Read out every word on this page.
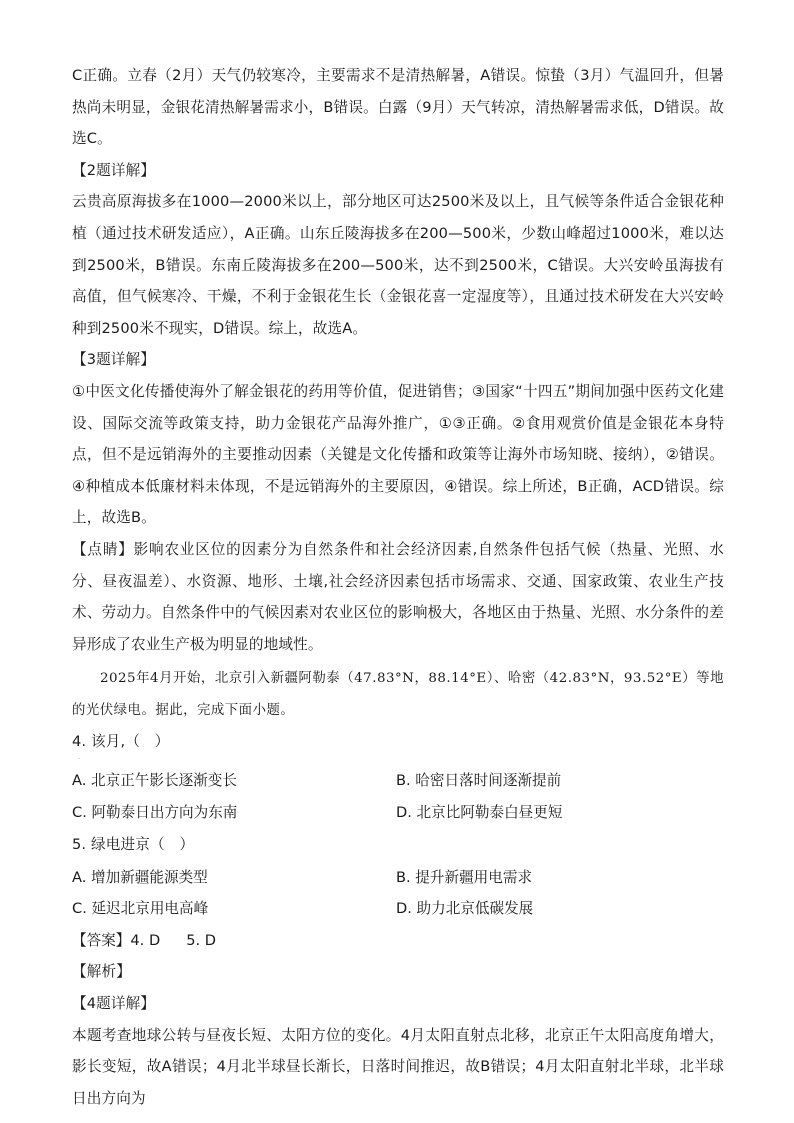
C正确。立春（2月）天气仍较寒冷，主要需求不是清热解暑，A错误。惊蛰（3月）气温回升，但暑热尚未明显，金银花清热解暑需求小，B错误。白露（9月）天气转凉，清热解暑需求低，D错误。故选C。

【2题详解】

云贵高原海拔多在1000—2000米以上，部分地区可达2500米及以上，且气候等条件适合金银花种植（通过技术研发适应），A正确。山东丘陵海拔多在200—500米，少数山峰超过1000米，难以达到2500米，B错误。东南丘陵海拔多在200—500米，达不到2500米，C错误。大兴安岭虽海拔有高值，但气候寒冷、干燥，不利于金银花生长（金银花喜一定湿度等），且通过技术研发在大兴安岭种到2500米不现实，D错误。综上，故选A。

【3题详解】

①中医文化传播使海外了解金银花的药用等价值，促进销售；③国家“十四五”期间加强中医药文化建设、国际交流等政策支持，助力金银花产品海外推广，①③正确。②食用观赏价值是金银花本身特点，但不是远销海外的主要推动因素（关键是文化传播和政策等让海外市场知晓、接纳），②错误。④种植成本低廉材料未体现，不是远销海外的主要原因，④错误。综上所述，B正确，ACD错误。综上，故选B。

【点睛】影响农业区位的因素分为自然条件和社会经济因素,自然条件包括气候（热量、光照、水分、昼夜温差）、水资源、地形、土壤,社会经济因素包括市场需求、交通、国家政策、农业生产技术、劳动力。自然条件中的气候因素对农业区位的影响极大，各地区由于热量、光照、水分条件的差异形成了农业生产极为明显的地域性。

2025年4月开始，北京引入新疆阿勒泰（47.83°N，88.14°E）、哈密（42.83°N，93.52°E）等地的光伏绿电。据此，完成下面小题。

4. 该月,（　）

·
A. 北京正午影长逐渐变长	B. 哈密日落时间逐渐提前
C. 阿勒泰日出方向为东南	D. 北京比阿勒泰白昼更短

5. 绿电进京（　）

A. 增加新疆能源类型	B. 提升新疆用电需求
C. 延迟北京用电高峰	D. 助力北京低碳发展
【答案】4. D 5. D

【解析】

【4题详解】

本题考查地球公转与昼夜长短、太阳方位的变化。4月太阳直射点北移，北京正午太阳高度角增大，影长变短，故A错误；4月北半球昼长渐长，日落时间推迟，故B错误；4月太阳直射北半球，北半球日出方向为
